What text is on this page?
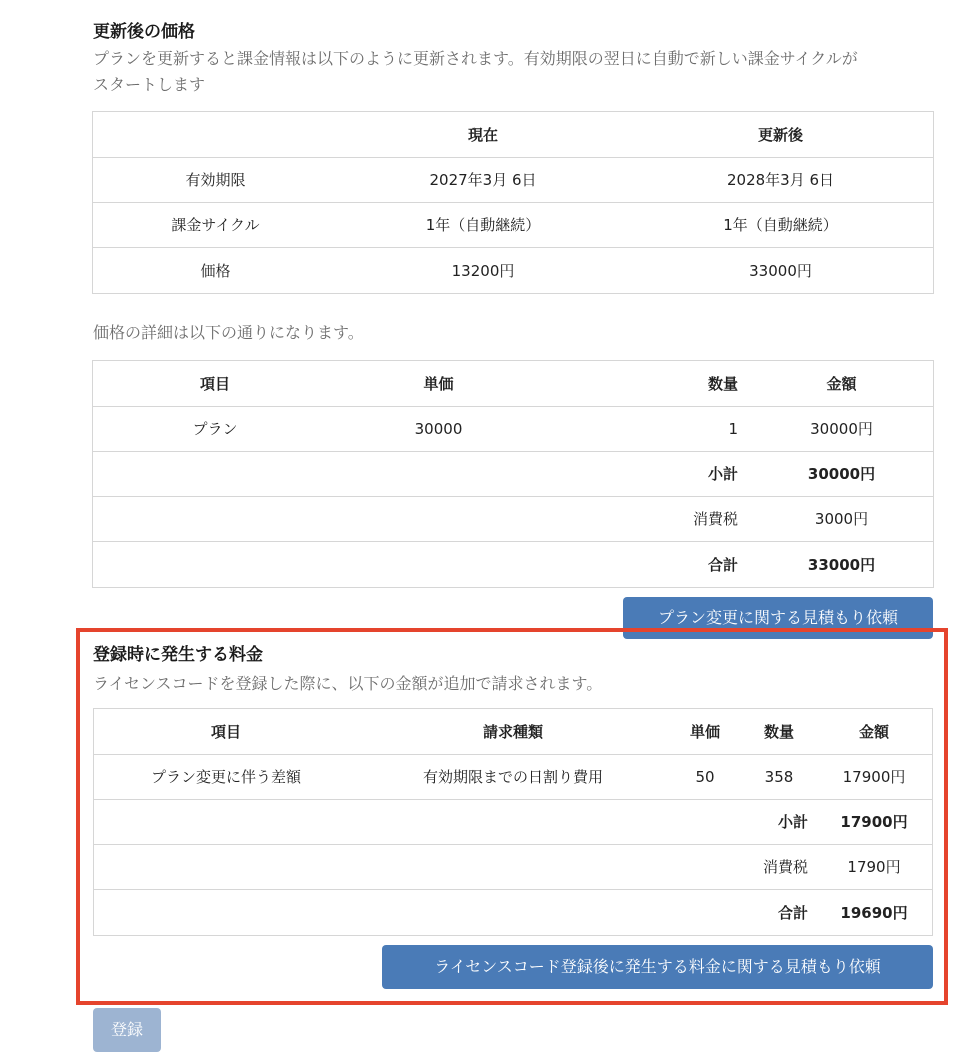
更新後の価格
プランを更新すると課金情報は以下のように更新されます。有効期限の翌日に自動で新しい課金サイクルが
スタートします
	現在	更新後
有効期限	2027年3月 6日	2028年3月 6日
課金サイクル	1年（自動継続）	1年（自動継続）
価格	13200円	33000円
価格の詳細は以下の通りになります。
項目	単価	数量	金額
プラン	30000	1	30000円
		小計	30000円
		消費税	3000円
		合計	33000円
プラン変更に関する見積もり依頼
登録時に発生する料金
ライセンスコードを登録した際に、以下の金額が追加で請求されます。
項目	請求種類	単価	数量	金額
プラン変更に伴う差額	有効期限までの日割り費用	50	358	17900円
			小計	17900円
			消費税	1790円
			合計	19690円
ライセンスコード登録後に発生する料金に関する見積もり依頼
登録
